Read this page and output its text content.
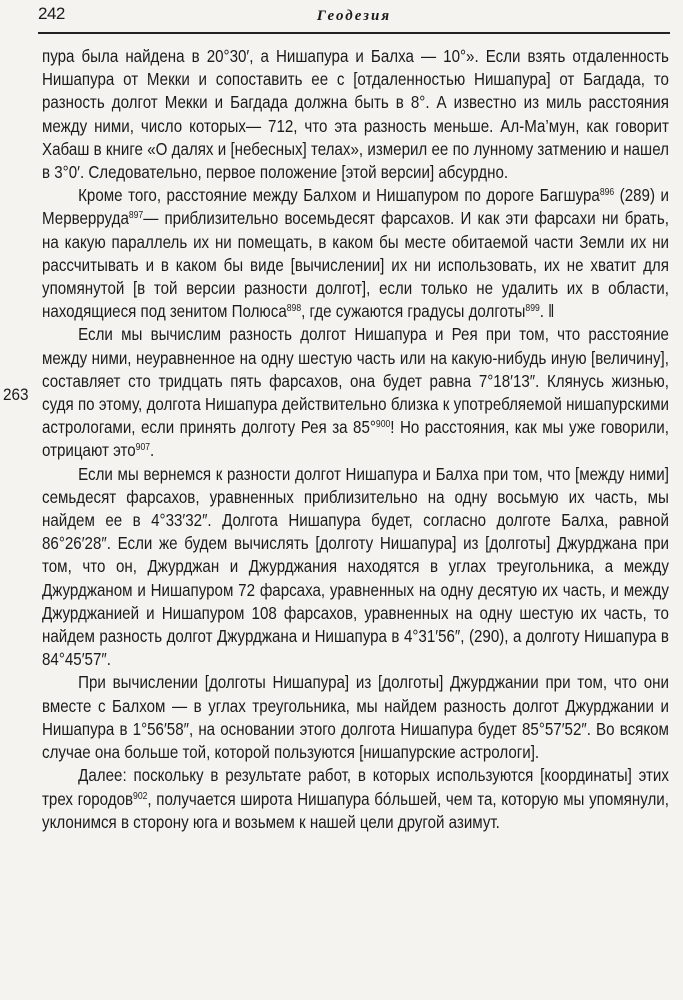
242	Геодезия
263

пура была найдена в 20°30′, а Нишапура и Балха — 10°». Если взять отдаленность Нишапура от Мекки и сопоставить ее с [отдаленностью Нишапура] от Багдада, то разность долгот Мекки и Багдада должна быть в 8°. А известно из миль расстояния между ними, число которых— 712, что эта разность меньше. Ал-Ма’мун, как говорит Хабаш в книге «О далях и [небесных] телах», измерил ее по лунному затмению и нашел в 3°0′. Следовательно, первое положение [этой версии] абсурдно.

Кроме того, расстояние между Балхом и Нишапуром по дороге Багшура$^{896}$ (289) и Мерверруда$^{897}$— приблизительно восемьдесят фарсахов. И как эти фарсахи ни брать, на какую параллель их ни помещать, в каком бы месте обитаемой части Земли их ни рассчитывать и в каком бы виде [вычислении] их ни использовать, их не хватит для упомянутой [в той версии разности долгот], если только не удалить их в области, находящиеся под зенитом Полюса$^{898}$, где сужаются градусы долготы$^{899}$. ‖

Если мы вычислим разность долгот Нишапура и Рея при том, что расстояние между ними, неуравненное на одну шестую часть или на какую-нибудь иную [величину], составляет сто тридцать пять фарсахов, она будет равна 7°18′13″. Клянусь жизнью, судя по этому, долгота Нишапура действительно близка к употребляемой нишапурскими астрологами, если принять долготу Рея за 85°$^{900}$! Но расстояния, как мы уже говорили, отрицают это$^{907}$.

Если мы вернемся к разности долгот Нишапура и Балха при том, что [между ними] семьдесят фарсахов, уравненных приблизительно на одну восьмую их часть, мы найдем ее в 4°33′32″. Долгота Нишапура будет, согласно долготе Балха, равной 86°26′28″. Если же будем вычислять [долготу Нишапура] из [долготы] Джурджана при том, что он, Джурджан и Джурджания находятся в углах треугольника, а между Джурджаном и Нишапуром 72 фарсаха, уравненных на одну десятую их часть, и между Джурджанией и Нишапуром 108 фарсахов, уравненных на одну шестую их часть, то найдем разность долгот Джурджана и Нишапура в 4°31′56″, (290), а долготу Нишапура в 84°45′57″.

При вычислении [долготы Нишапура] из [долготы] Джурджании при том, что они вместе с Балхом — в углах треугольника, мы найдем разность долгот Джурджании и Нишапура в 1°56′58″, на основании этого долгота Нишапура будет 85°57′52″. Во всяком случае она больше той, которой пользуются [нишапурские астрологи].

Далее: поскольку в результате работ, в которых используются [координаты] этих трех городов$^{902}$, получается широта Нишапура бóльшей, чем та, которую мы упомянули, уклонимся в сторону юга и возьмем к нашей цели другой азимут.
